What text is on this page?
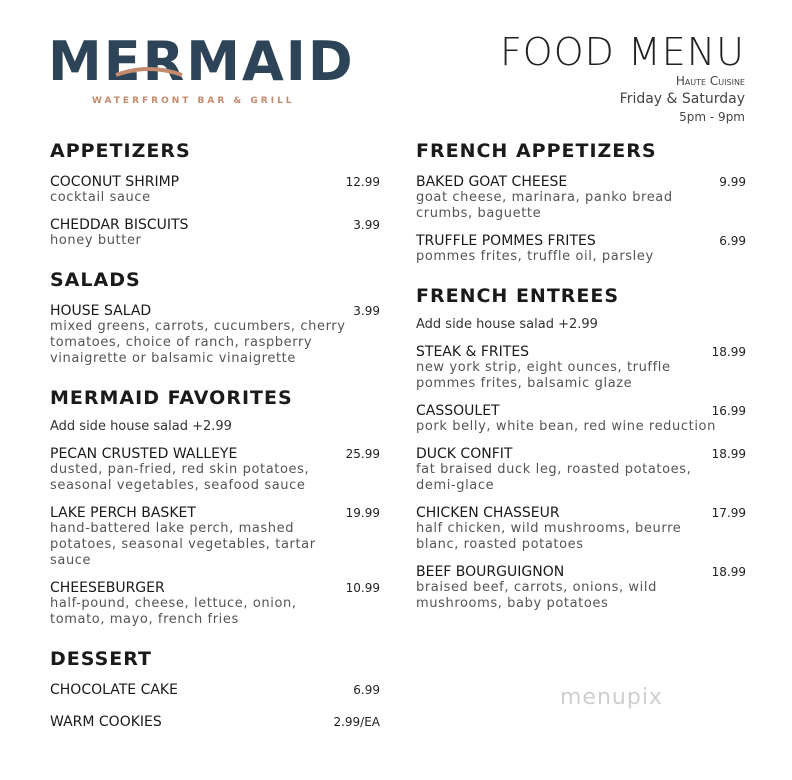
MERMAID
WATERFRONT BAR & GRILL
FOOD MENU
Haute Cuisine
Friday & Saturday
5pm - 9pm
APPETIZERS
COCONUT SHRIMP	12.99
cocktail sauce
CHEDDAR BISCUITS	3.99
honey butter
SALADS
HOUSE SALAD	3.99
mixed greens, carrots, cucumbers, cherry tomatoes, choice of ranch, raspberry vinaigrette or balsamic vinaigrette
MERMAID FAVORITES
Add side house salad +2.99
PECAN CRUSTED WALLEYE	25.99
dusted, pan-fried, red skin potatoes, seasonal vegetables, seafood sauce
LAKE PERCH BASKET	19.99
hand-battered lake perch, mashed potatoes, seasonal vegetables, tartar sauce
CHEESEBURGER	10.99
half-pound, cheese, lettuce, onion, tomato, mayo, french fries
DESSERT
CHOCOLATE CAKE	6.99
WARM COOKIES	2.99/EA
FRENCH APPETIZERS
BAKED GOAT CHEESE	9.99
goat cheese, marinara, panko bread crumbs, baguette
TRUFFLE POMMES FRITES	6.99
pommes frites, truffle oil, parsley
FRENCH ENTREES
Add side house salad +2.99
STEAK & FRITES	18.99
new york strip, eight ounces, truffle pommes frites, balsamic glaze
CASSOULET	16.99
pork belly, white bean, red wine reduction
DUCK CONFIT	18.99
fat braised duck leg, roasted potatoes, demi-glace
CHICKEN CHASSEUR	17.99
half chicken, wild mushrooms, beurre blanc, roasted potatoes
BEEF BOURGUIGNON	18.99
braised beef, carrots, onions, wild mushrooms, baby potatoes
menupix
